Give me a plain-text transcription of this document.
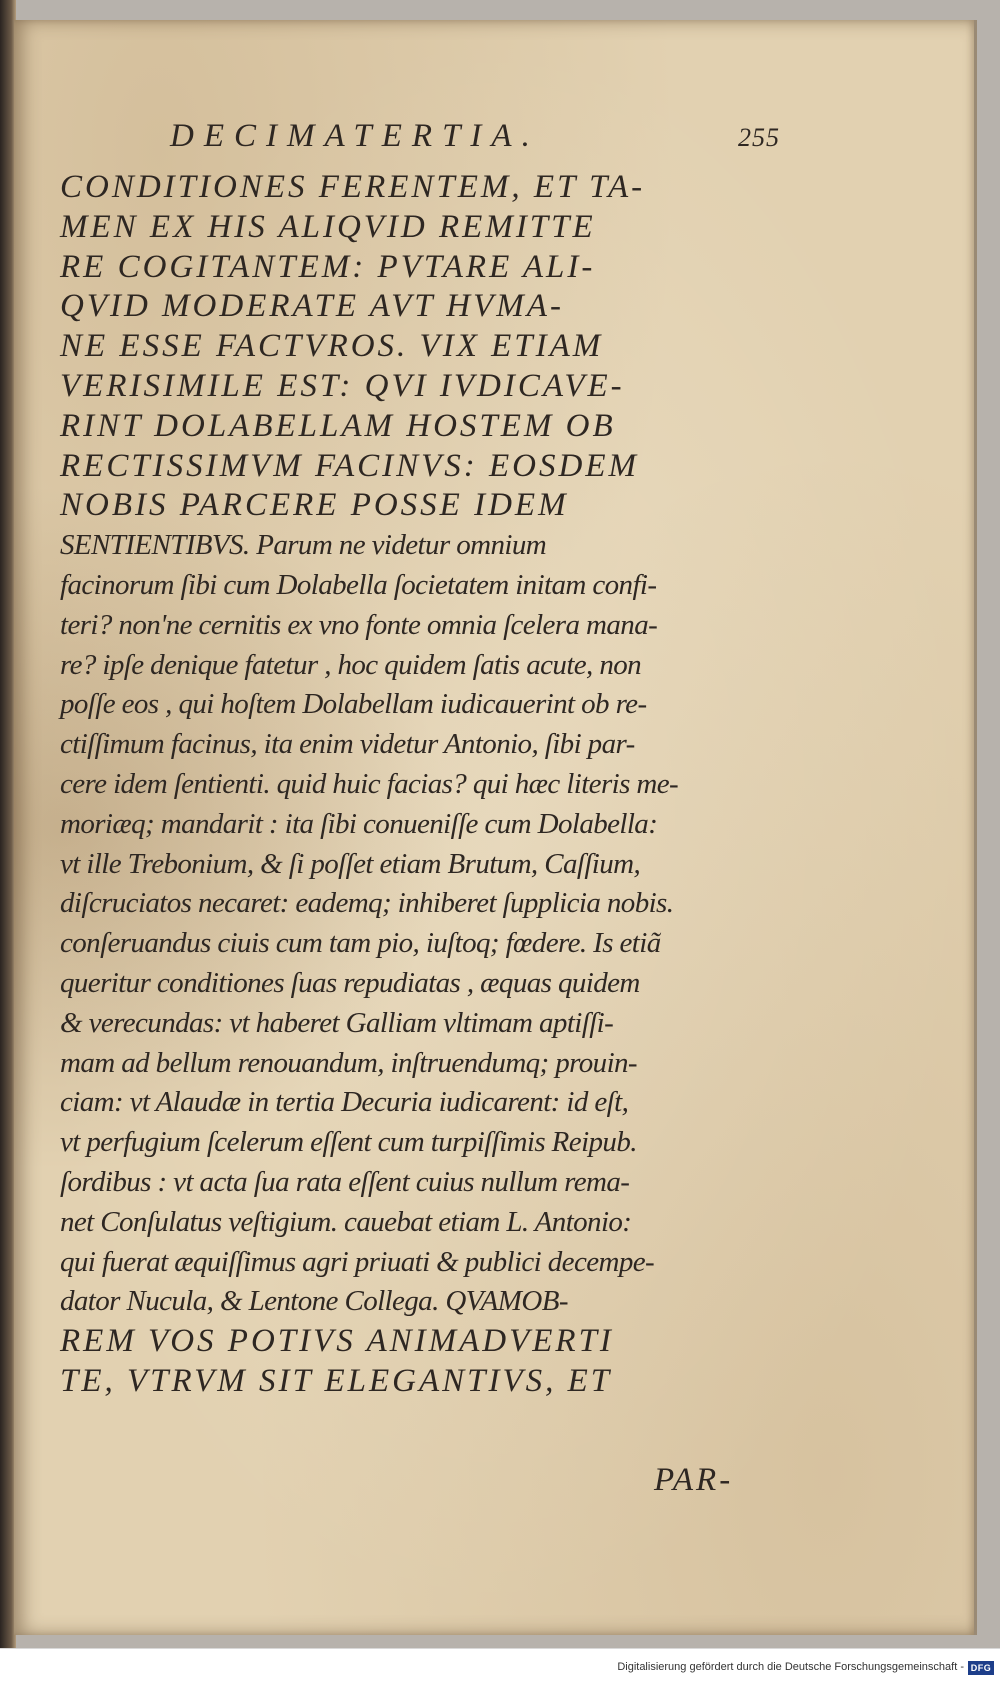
DECIMATERTIA.	255
CONDITIONES FERENTEM, ET TA-
MEN EX HIS ALIQVID REMITTE
RE COGITANTEM: PVTARE ALI-
QVID MODERATE AVT HVMA-
NE ESSE FACTVROS. VIX ETIAM
VERISIMILE EST: QVI IVDICAVE-
RINT DOLABELLAM HOSTEM OB
RECTISSIMVM FACINVS: EOSDEM
NOBIS PARCERE POSSE IDEM
SENTIENTIBVS. Parum ne videtur omnium
facinorum ſibi cum Dolabella ſocietatem initam confi-
teri? non'ne cernitis ex vno fonte omnia ſcelera mana-
re? ipſe denique fatetur , hoc quidem ſatis acute, non
poſſe eos , qui hoſtem Dolabellam iudicauerint ob re-
ctiſſimum facinus, ita enim videtur Antonio, ſibi par-
cere idem ſentienti. quid huic facias? qui hæc literis me-
moriæq; mandarit : ita ſibi conueniſſe cum Dolabella:
vt ille Trebonium, & ſi poſſet etiam Brutum, Caſſium,
diſcruciatos necaret: eademq; inhiberet ſupplicia nobis.
conſeruandus ciuis cum tam pio, iuſtoq; fœdere. Is etiã
queritur conditiones ſuas repudiatas , æquas quidem
& verecundas: vt haberet Galliam vltimam aptiſſi-
mam ad bellum renouandum, inſtruendumq; prouin-
ciam: vt Alaudæ in tertia Decuria iudicarent: id eſt,
vt perfugium ſcelerum eſſent cum turpiſſimis Reipub.
ſordibus : vt acta ſua rata eſſent cuius nullum rema-
net Conſulatus veſtigium. cauebat etiam L. Antonio:
qui fuerat æquiſſimus agri priuati & publici decempe-
dator Nucula, & Lentone Collega. QVAMOB-
REM VOS POTIVS ANIMADVERTI
TE, VTRVM SIT ELEGANTIVS, ET
PAR-
Digitalisierung gefördert durch die Deutsche Forschungsgemeinschaft - DFG
